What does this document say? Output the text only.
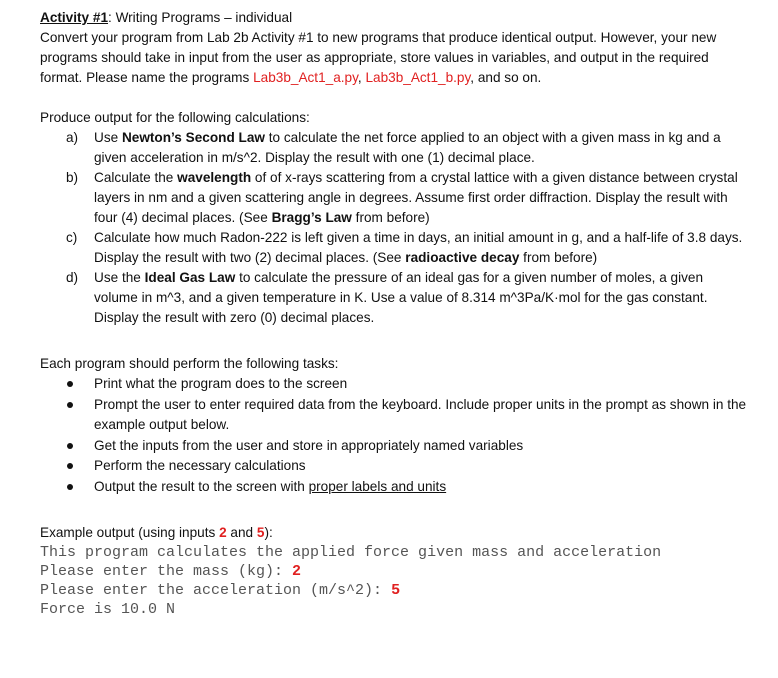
Activity #1: Writing Programs – individual

Convert your program from Lab 2b Activity #1 to new programs that produce identical output. However, your new programs should take in input from the user as appropriate, store values in variables, and output in the required format. Please name the programs Lab3b_Act1_a.py, Lab3b_Act1_b.py, and so on.

Produce output for the following calculations:
a) Use Newton’s Second Law to calculate the net force applied to an object with a given mass in kg and a given acceleration in m/s^2. Display the result with one (1) decimal place.
b) Calculate the wavelength of of x-rays scattering from a crystal lattice with a given distance between crystal layers in nm and a given scattering angle in degrees. Assume first order diffraction. Display the result with four (4) decimal places. (See Bragg’s Law from before)
c) Calculate how much Radon-222 is left given a time in days, an initial amount in g, and a half-life of 3.8 days. Display the result with two (2) decimal places. (See radioactive decay from before)
d) Use the Ideal Gas Law to calculate the pressure of an ideal gas for a given number of moles, a given volume in m^3, and a given temperature in K. Use a value of 8.314 m^3Pa/K·mol for the gas constant. Display the result with zero (0) decimal places.
Each program should perform the following tasks:
Print what the program does to the screen
Prompt the user to enter required data from the keyboard. Include proper units in the prompt as shown in the example output below.
Get the inputs from the user and store in appropriately named variables
Perform the necessary calculations
Output the result to the screen with proper labels and units
Example output (using inputs 2 and 5):
This program calculates the applied force given mass and acceleration
Please enter the mass (kg): 2
Please enter the acceleration (m/s^2): 5
Force is 10.0 N
